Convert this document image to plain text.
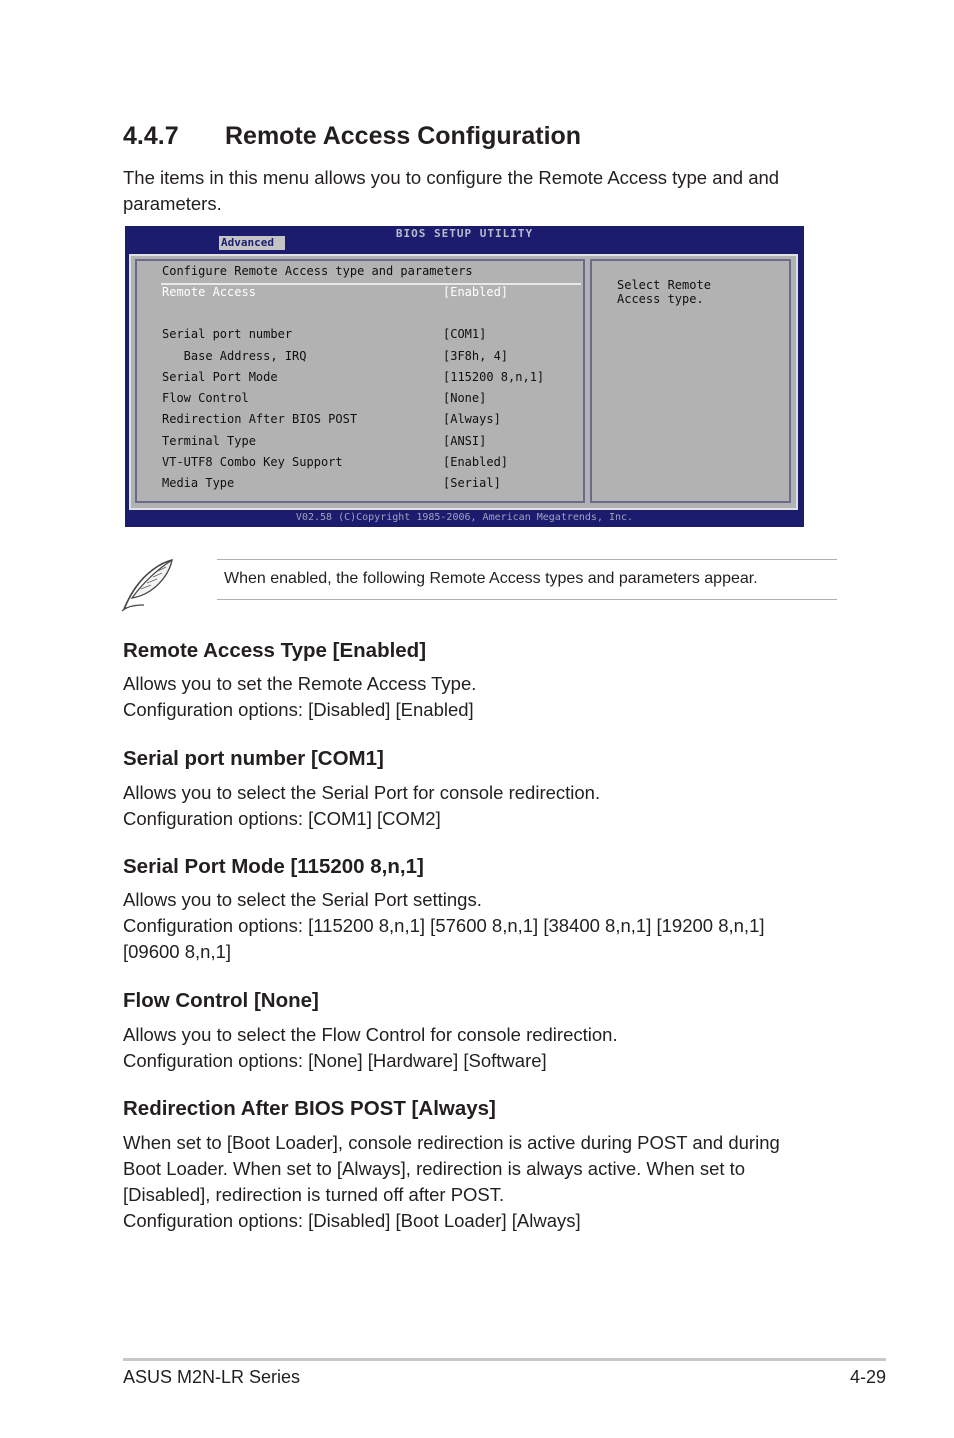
4.4.7 Remote Access Configuration
The items in this menu allows you to configure the Remote Access type and and
parameters.
BIOS SETUP UTILITY
Advanced
Configure Remote Access type and parameters
Remote Access	[Enabled]
Serial port number	[COM1]
Base Address, IRQ	[3F8h, 4]
Serial Port Mode	[115200 8,n,1]
Flow Control	[None]
Redirection After BIOS POST	[Always]
Terminal Type	[ANSI]
VT-UTF8 Combo Key Support	[Enabled]
Media Type	[Serial]
Select Remote
Access type.
V02.58 (C)Copyright 1985-2006, American Megatrends, Inc.
When enabled, the following Remote Access types and parameters appear.
Remote Access Type [Enabled]
Allows you to set the Remote Access Type.
Configuration options: [Disabled] [Enabled]
Serial port number [COM1]
Allows you to select the Serial Port for console redirection.
Configuration options: [COM1] [COM2]
Serial Port Mode [115200 8,n,1]
Allows you to select the Serial Port settings.
Configuration options: [115200 8,n,1] [57600 8,n,1] [38400 8,n,1] [19200 8,n,1]
[09600 8,n,1]
Flow Control [None]
Allows you to select the Flow Control for console redirection.
Configuration options: [None] [Hardware] [Software]
Redirection After BIOS POST [Always]
When set to [Boot Loader], console redirection is active during POST and during
Boot Loader. When set to [Always], redirection is always active. When set to
[Disabled], redirection is turned off after POST.
Configuration options: [Disabled] [Boot Loader] [Always]
ASUS M2N-LR Series	4-29
